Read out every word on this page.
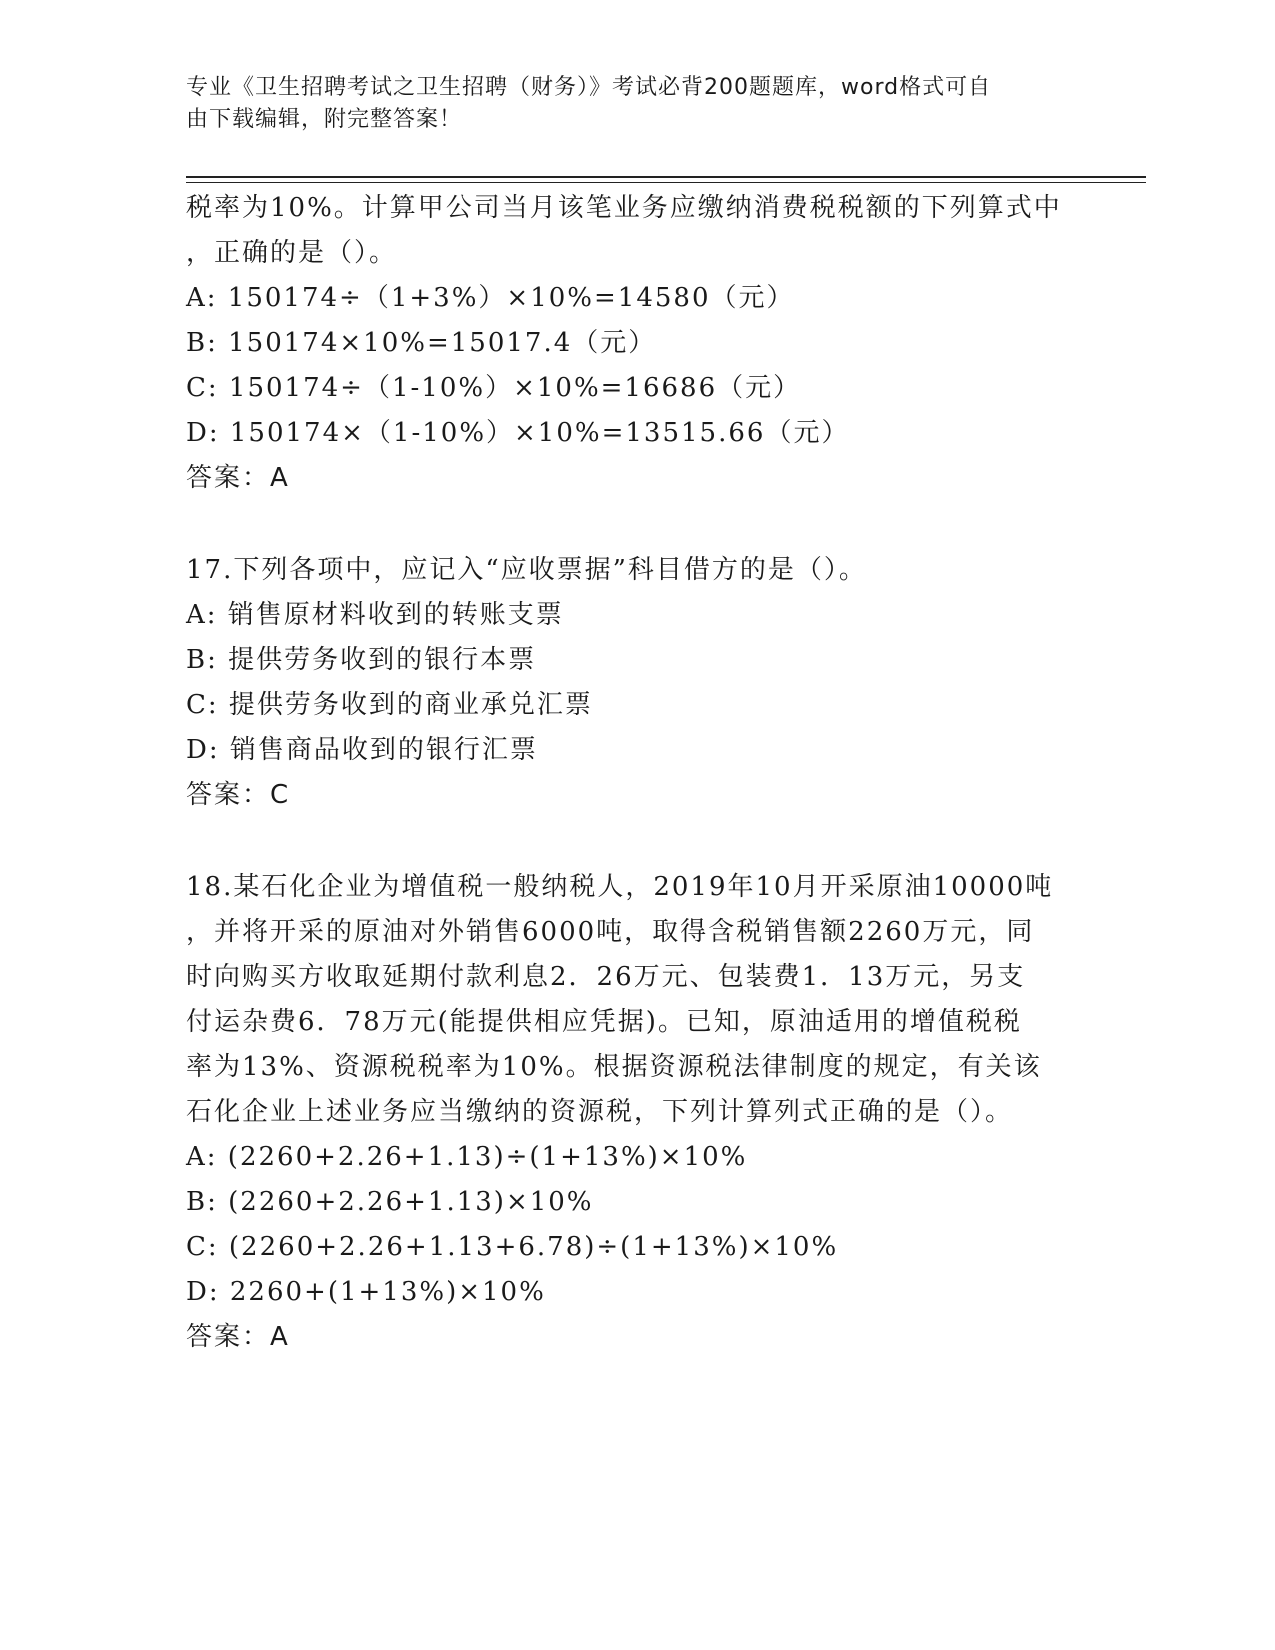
专业《卫生招聘考试之卫生招聘（财务）》考试必背200题题库，word格式可自
由下载编辑，附完整答案！
税率为10%。计算甲公司当月该笔业务应缴纳消费税税额的下列算式中
，正确的是（）。
A: 150174÷（1+3%）×10%=14580（元）
B: 150174×10%=15017.4（元）
C: 150174÷（1-10%）×10%=16686（元）
D: 150174×（1-10%）×10%=13515.66（元）
答案：A
17.下列各项中，应记入“应收票据”科目借方的是（）。
A: 销售原材料收到的转账支票
B: 提供劳务收到的银行本票
C: 提供劳务收到的商业承兑汇票
D: 销售商品收到的银行汇票
答案：C
18.某石化企业为增值税一般纳税人，2019年10月开采原油10000吨
，并将开采的原油对外销售6000吨，取得含税销售额2260万元，同
时向购买方收取延期付款利息2．26万元、包装费1．13万元，另支
付运杂费6．78万元(能提供相应凭据)。已知，原油适用的增值税税
率为13%、资源税税率为10%。根据资源税法律制度的规定，有关该
石化企业上述业务应当缴纳的资源税，下列计算列式正确的是（）。
A: (2260+2.26+1.13)÷(1+13%)×10%
B: (2260+2.26+1.13)×10%
C: (2260+2.26+1.13+6.78)÷(1+13%)×10%
D: 2260+(1+13%)×10%
答案：A
